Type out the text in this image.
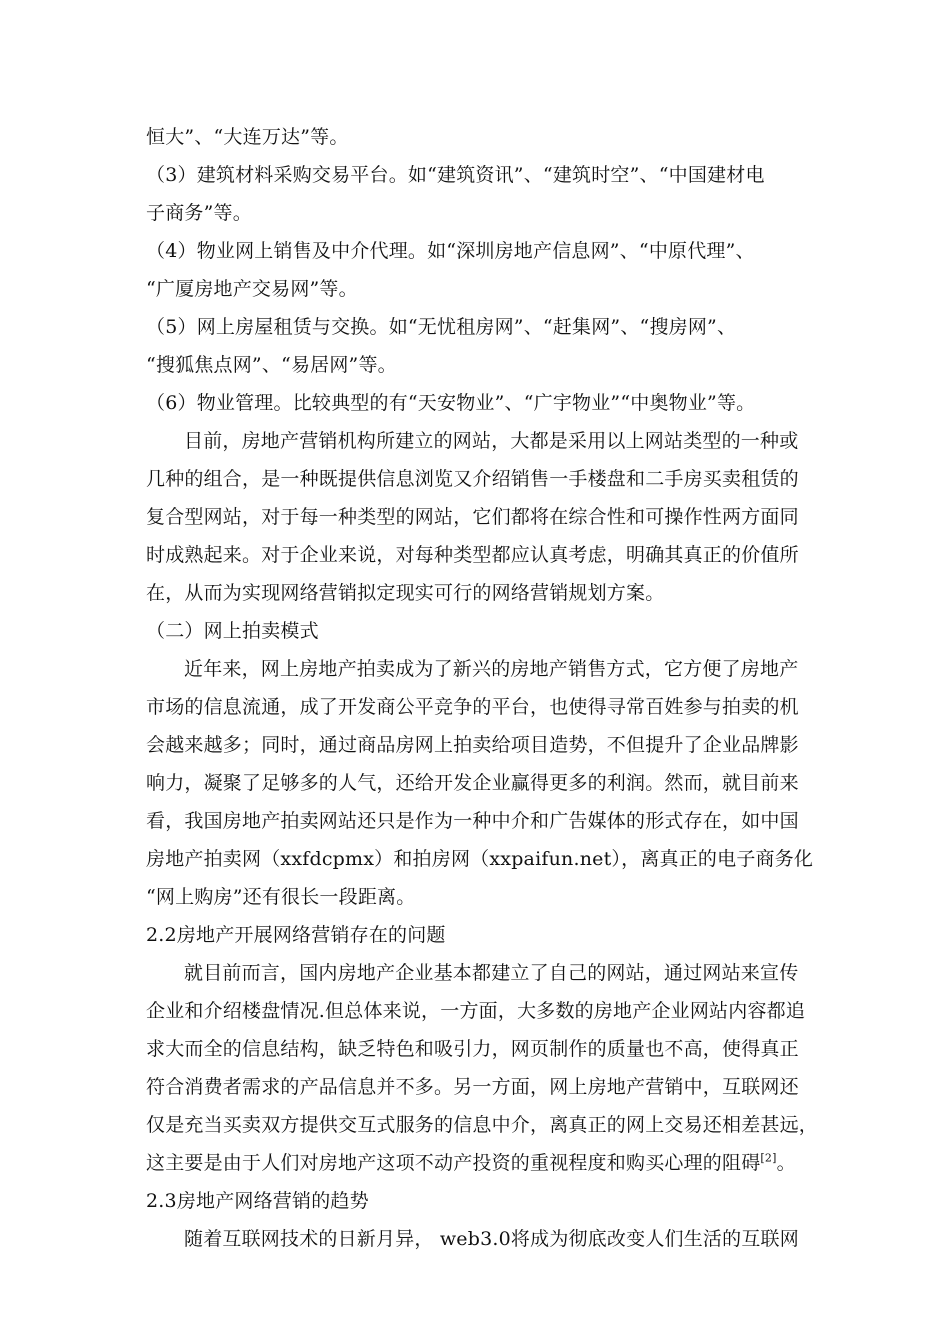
恒大”、“大连万达”等。
（3）建筑材料采购交易平台。如“建筑资讯”、“建筑时空”、“中国建材电
子商务”等。
（4）物业网上销售及中介代理。如“深圳房地产信息网”、“中原代理”、
“广厦房地产交易网”等。
（5）网上房屋租赁与交换。如“无忧租房网”、“赶集网”、“搜房网”、
“搜狐焦点网”、“易居网”等。
（6）物业管理。比较典型的有“天安物业”、“广宇物业”“中奥物业”等。
目前，房地产营销机构所建立的网站，大都是采用以上网站类型的一种或
几种的组合，是一种既提供信息浏览又介绍销售一手楼盘和二手房买卖租赁的
复合型网站，对于每一种类型的网站，它们都将在综合性和可操作性两方面同
时成熟起来。对于企业来说，对每种类型都应认真考虑，明确其真正的价值所
在，从而为实现网络营销拟定现实可行的网络营销规划方案。
（二）网上拍卖模式
近年来，网上房地产拍卖成为了新兴的房地产销售方式，它方便了房地产
市场的信息流通，成了开发商公平竞争的平台，也使得寻常百姓参与拍卖的机
会越来越多；同时，通过商品房网上拍卖给项目造势，不但提升了企业品牌影
响力，凝聚了足够多的人气，还给开发企业赢得更多的利润。然而，就目前来
看，我国房地产拍卖网站还只是作为一种中介和广告媒体的形式存在，如中国
房地产拍卖网（xxfdcpmx）和拍房网（xxpaifun.net），离真正的电子商务化
“网上购房”还有很长一段距离。
2.2房地产开展网络营销存在的问题
就目前而言，国内房地产企业基本都建立了自己的网站，通过网站来宣传
企业和介绍楼盘情况.但总体来说，一方面，大多数的房地产企业网站内容都追
求大而全的信息结构，缺乏特色和吸引力，网页制作的质量也不高，使得真正
符合消费者需求的产品信息并不多。另一方面，网上房地产营销中，互联网还
仅是充当买卖双方提供交互式服务的信息中介，离真正的网上交易还相差甚远，
这主要是由于人们对房地产这项不动产投资的重视程度和购买心理的阻碍[2]。
2.3房地产网络营销的趋势
随着互联网技术的日新月异， web3.0将成为彻底改变人们生活的互联网
